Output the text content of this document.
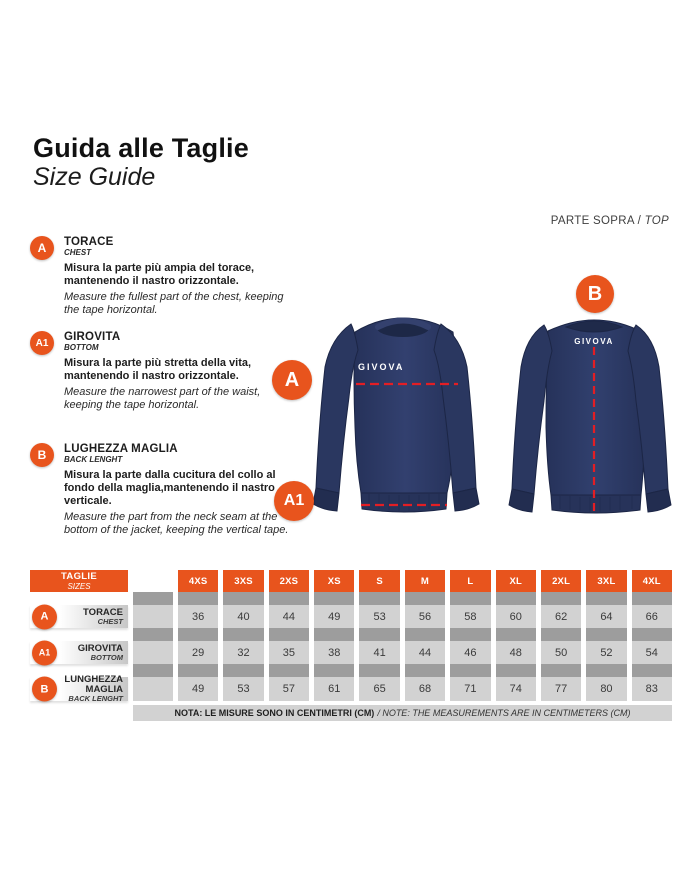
Guida alle Taglie
Size Guide
PARTE SOPRA / TOP
A	TORACE
CHEST
Misura la parte più ampia del torace, mantenendo il nastro orizzontale.
Measure the fullest part of the chest, keeping the tape horizontal.
A1	GIROVITA
BOTTOM
Misura la parte più stretta della vita, mantenendo il nastro orizzontale.
Measure the narrowest part of the waist, keeping the tape horizontal.
B	LUGHEZZA MAGLIA
BACK LENGHT
Misura la parte dalla cucitura del collo al fondo della maglia,mantenendo il nastro verticale.
Measure the part from the neck seam at the bottom of the jacket, keeping the vertical tape.
GIVOVA
GIVOVA
A
A1
B
TAGLIE
SIZES	4XS	3XS	2XS	XS	S	M	L	XL	2XL	3XL	4XL
A	TORACE
CHEST	36	40	44	49	53	56	58	60	62	64	66
A1	GIROVITA
BOTTOM	29	32	35	38	41	44	46	48	50	52	54
B
LUNGHEZZA MAGLIA
BACK LENGHT
49	53	57	61	65	68	71	74	77	80	83
NOTA: LE MISURE SONO IN CENTIMETRI (CM) / NOTE: THE MEASUREMENTS ARE IN CENTIMETERS (CM)
